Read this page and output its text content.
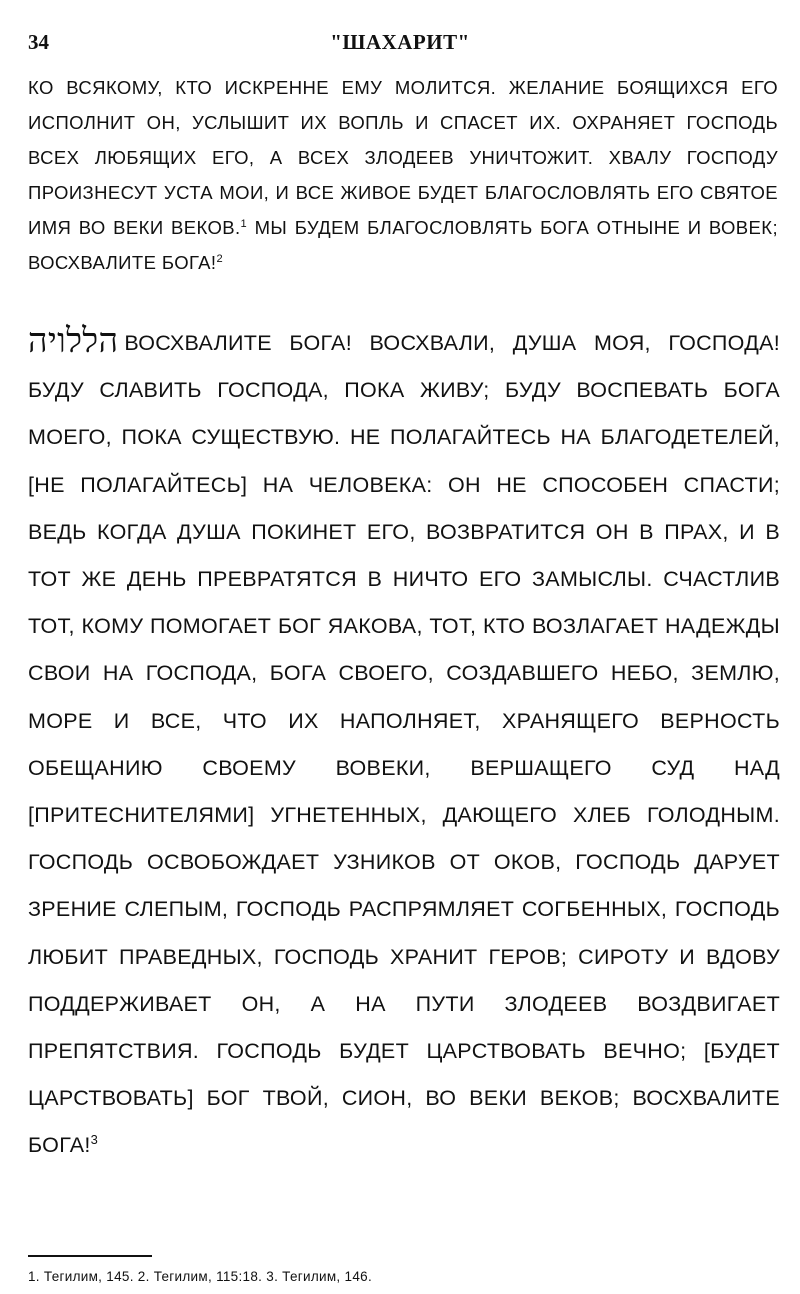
34	"ШАХАРИТ"
КО ВСЯКОМУ, КТО ИСКРЕННЕ ЕМУ МОЛИТСЯ. ЖЕЛАНИЕ БОЯЩИХСЯ ЕГО ИСПОЛНИТ ОН, УСЛЫШИТ ИХ ВОПЛЬ И СПАСЕТ ИХ. ОХРАНЯЕТ ГОСПОДЬ ВСЕХ ЛЮБЯЩИХ ЕГО, А ВСЕХ ЗЛОДЕЕВ УНИЧТОЖИТ. ХВАЛУ ГОСПОДУ ПРОИЗНЕСУТ УСТА МОИ, И ВСЕ ЖИВОЕ БУДЕТ БЛАГОСЛОВЛЯТЬ ЕГО СВЯТОЕ ИМЯ ВО ВЕКИ ВЕКОВ.$^1$ МЫ БУДЕМ БЛАГОСЛОВЛЯТЬ БОГА ОТНЫНЕ И ВОВЕК; ВОСХВАЛИТЕ БОГА!$^2$
הללויה ВОСХВАЛИТЕ БОГА! ВОСХВАЛИ, ДУША МОЯ, ГОСПОДА! БУДУ СЛАВИТЬ ГОСПОДА, ПОКА ЖИВУ; БУДУ ВОСПЕВАТЬ БОГА МОЕГО, ПОКА СУЩЕСТВУЮ. НЕ ПОЛАГАЙТЕСЬ НА БЛАГОДЕТЕЛЕЙ, [НЕ ПОЛАГАЙТЕСЬ] НА ЧЕЛОВЕКА: ОН НЕ СПОСОБЕН СПАСТИ; ВЕДЬ КОГДА ДУША ПОКИНЕТ ЕГО, ВОЗВРАТИТСЯ ОН В ПРАХ, И В ТОТ ЖЕ ДЕНЬ ПРЕВРАТЯТСЯ В НИЧТО ЕГО ЗАМЫСЛЫ. СЧАСТЛИВ ТОТ, КОМУ ПОМОГАЕТ БОГ ЯАКОВА, ТОТ, КТО ВОЗЛАГАЕТ НАДЕЖДЫ СВОИ НА ГОСПОДА, БОГА СВОЕГО, СОЗДАВШЕГО НЕБО, ЗЕМЛЮ, МОРЕ И ВСЕ, ЧТО ИХ НАПОЛНЯЕТ, ХРАНЯЩЕГО ВЕРНОСТЬ ОБЕЩАНИЮ СВОЕМУ ВОВЕКИ, ВЕРШАЩЕГО СУД НАД [ПРИТЕСНИТЕЛЯМИ] УГНЕТЕННЫХ, ДАЮЩЕГО ХЛЕБ ГОЛОДНЫМ. ГОСПОДЬ ОСВОБОЖДАЕТ УЗНИКОВ ОТ ОКОВ, ГОСПОДЬ ДАРУЕТ ЗРЕНИЕ СЛЕПЫМ, ГОСПОДЬ РАСПРЯМЛЯЕТ СОГБЕННЫХ, ГОСПОДЬ ЛЮБИТ ПРАВЕДНЫХ, ГОСПОДЬ ХРАНИТ ГЕРОВ; СИРОТУ И ВДОВУ ПОДДЕРЖИВАЕТ ОН, А НА ПУТИ ЗЛОДЕЕВ ВОЗДВИГАЕТ ПРЕПЯТСТВИЯ. ГОСПОДЬ БУДЕТ ЦАРСТВОВАТЬ ВЕЧНО; [БУДЕТ ЦАРСТВОВАТЬ] БОГ ТВОЙ, СИОН, ВО ВЕКИ ВЕКОВ; ВОСХВАЛИТЕ БОГА!$^3$
1. Тегилим, 145. 2. Тегилим, 115:18. 3. Тегилим, 146.
